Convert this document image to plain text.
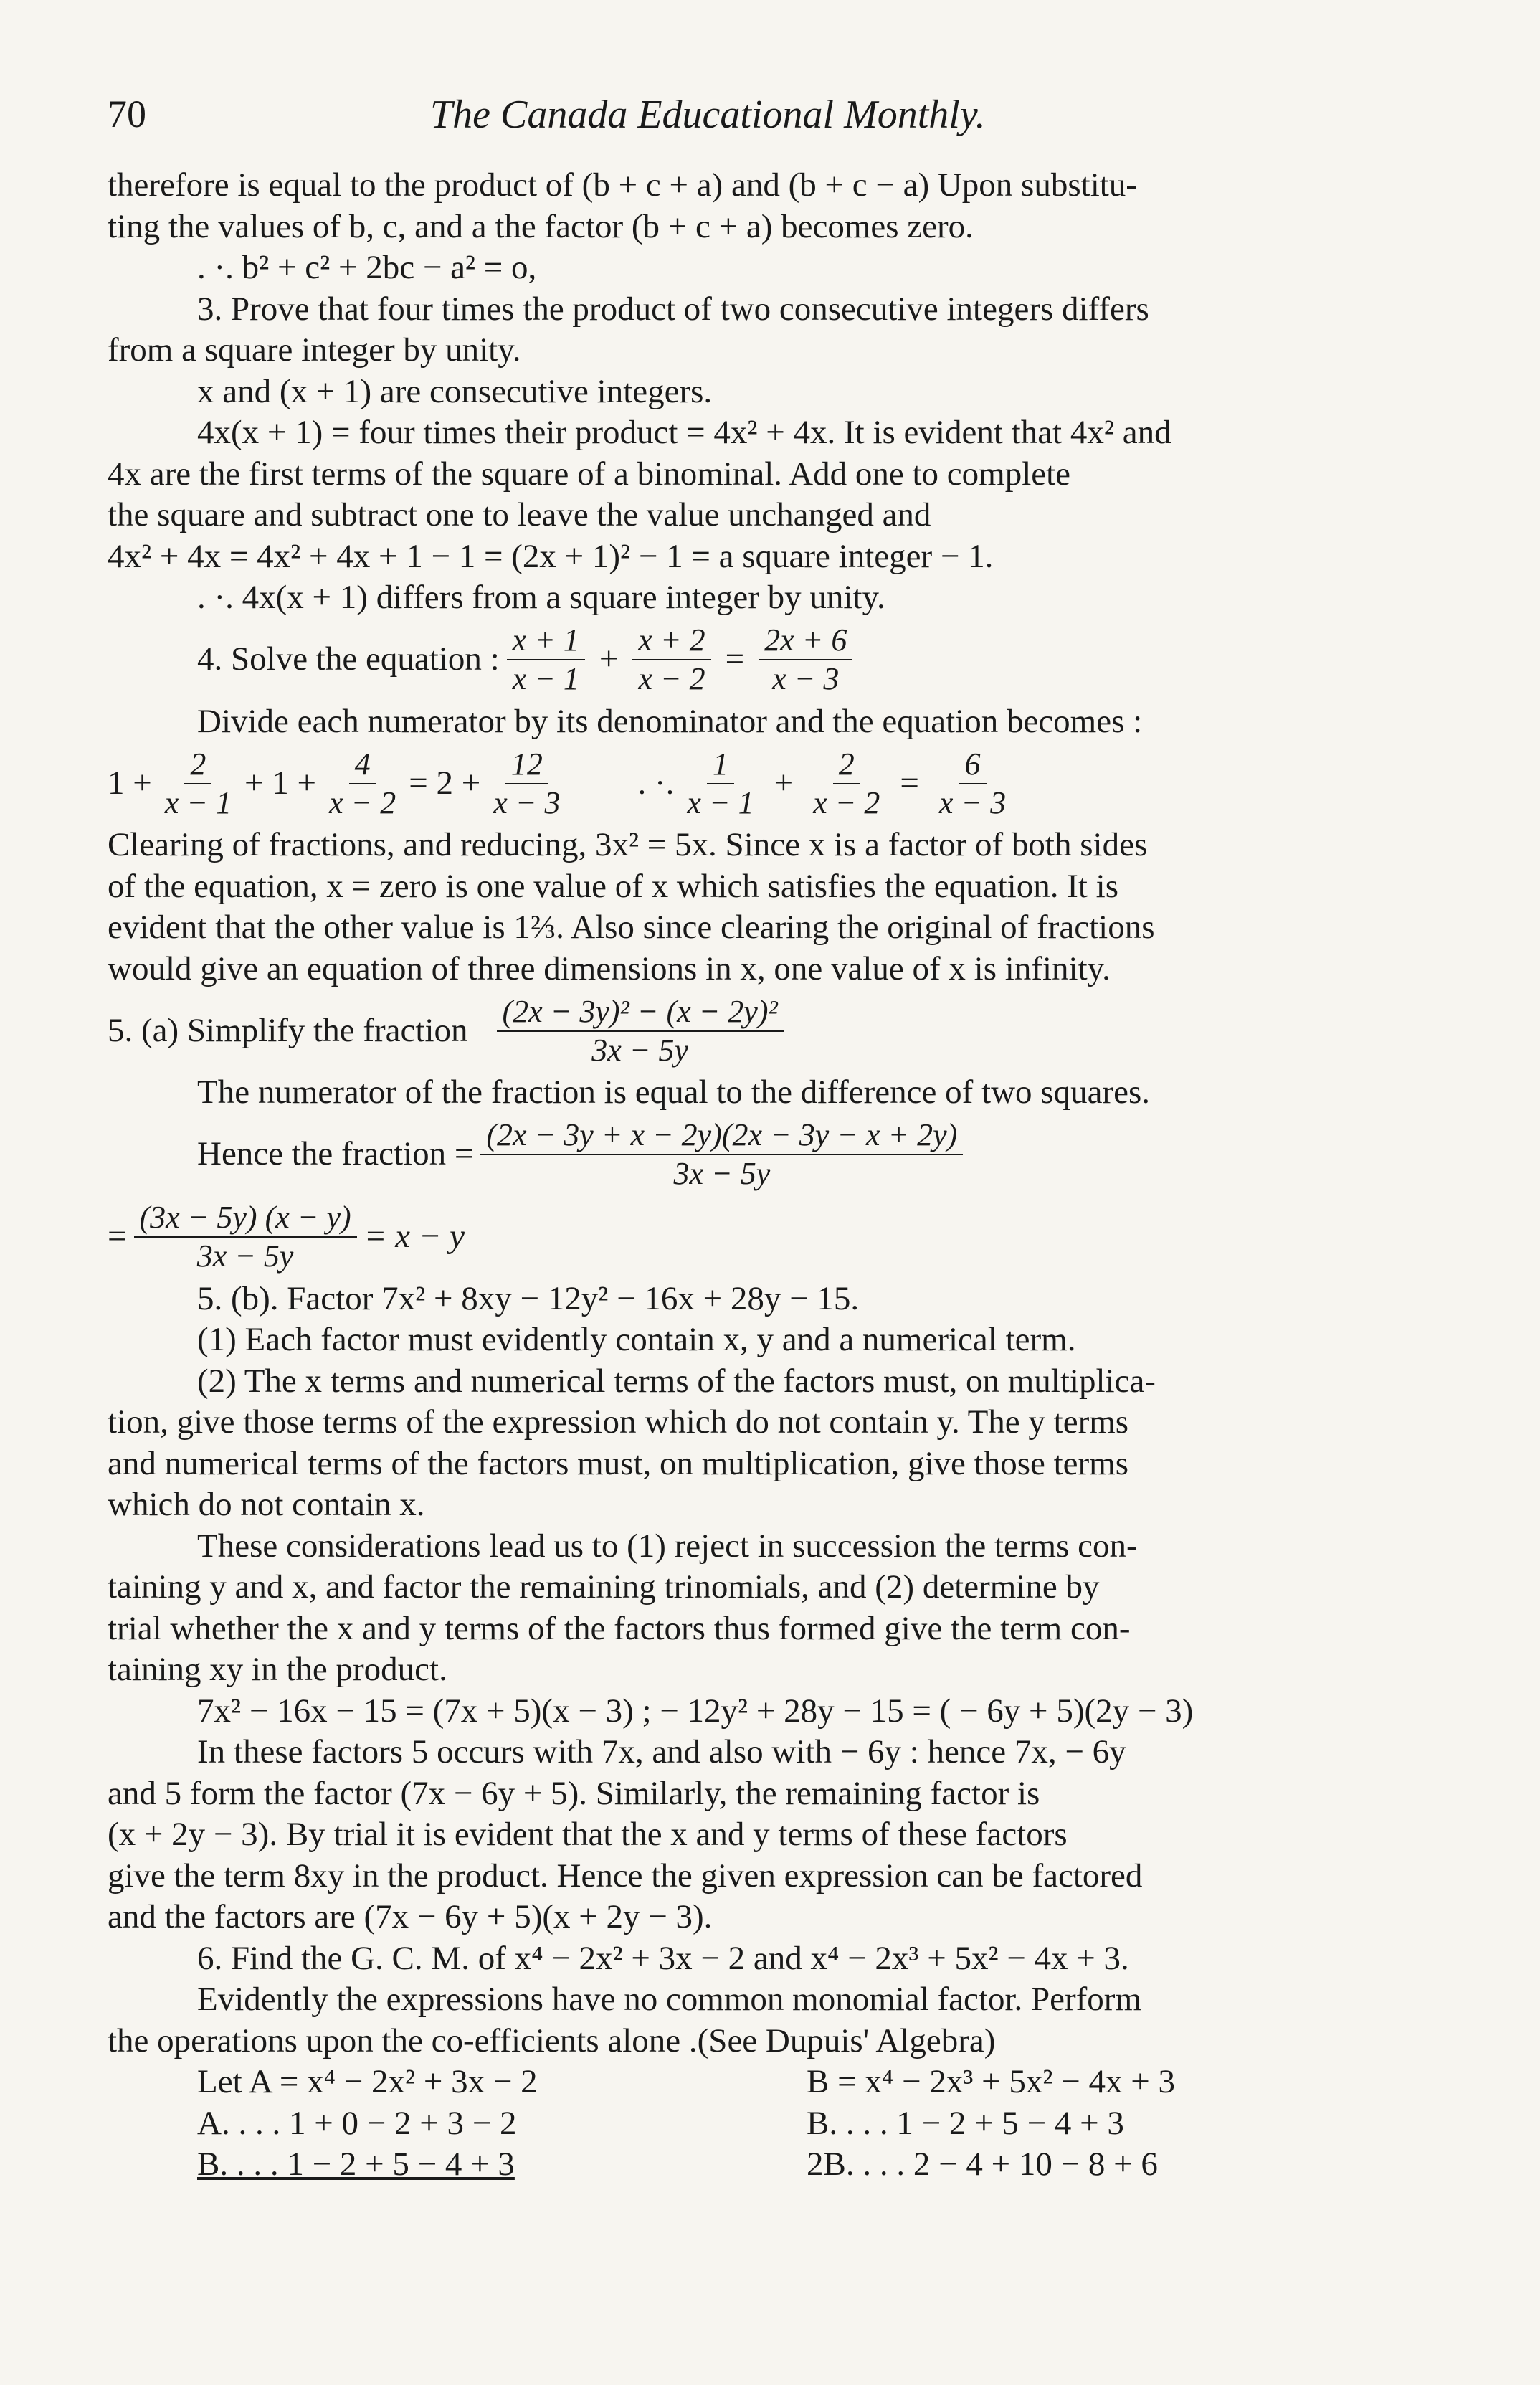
70	The Canada Educational Monthly.
therefore is equal to the product of (b + c + a) and (b + c − a) Upon substitu-
ting the values of b, c, and a the factor (b + c + a) becomes zero.
. ·. b² + c² + 2bc − a² = o,
3. Prove that four times the product of two consecutive integers differs
from a square integer by unity.
x and (x + 1) are consecutive integers.
4x(x + 1) = four times their product = 4x² + 4x. It is evident that 4x² and
4x are the first terms of the square of a binominal. Add one to complete
the square and subtract one to leave the value unchanged and
4x² + 4x = 4x² + 4x + 1 − 1 = (2x + 1)² − 1 = a square integer − 1.
. ·. 4x(x + 1) differs from a square integer by unity.
4. Solve the equation : $\frac{x + 1}{x - 1} + \frac{x + 2}{x - 2} = \frac{2x + 6}{x - 3}$
Divide each numerator by its denominator and the equation becomes :
$1 + \frac{2}{x - 1} + 1 + \frac{4}{x - 2} = 2 + \frac{12}{x - 3}$ . ·. $\frac{1}{x - 1} + \frac{2}{x - 2} = \frac{6}{x - 3}$
Clearing of fractions, and reducing, 3x² = 5x. Since x is a factor of both sides
of the equation, x = zero is one value of x which satisfies the equation. It is
evident that the other value is 1⅔. Also since clearing the original of fractions
would give an equation of three dimensions in x, one value of x is infinity.
5. (a) Simplify the fraction $\frac{\text{(2x − 3y)² − (x − 2y)²}}{3x - 5y}$
The numerator of the fraction is equal to the difference of two squares.
Hence the fraction = $\frac{(2x - 3y + x - 2y)(2x - 3y - x + 2y)}{3x - 5y}$
= $\frac{(3x - 5y) (x - y)}{3x - 5y} = x - y$
5. (b). Factor 7x² + 8xy − 12y² − 16x + 28y − 15.
(1) Each factor must evidently contain x, y and a numerical term.
(2) The x terms and numerical terms of the factors must, on multiplica-
tion, give those terms of the expression which do not contain y. The y terms
and numerical terms of the factors must, on multiplication, give those terms
which do not contain x.
These considerations lead us to (1) reject in succession the terms con-
taining y and x, and factor the remaining trinomials, and (2) determine by
trial whether the x and y terms of the factors thus formed give the term con-
taining xy in the product.
7x² − 16x − 15 = (7x + 5)(x − 3) ; − 12y² + 28y − 15 = ( − 6y + 5)(2y − 3)
In these factors 5 occurs with 7x, and also with − 6y : hence 7x, − 6y
and 5 form the factor (7x − 6y + 5). Similarly, the remaining factor is
(x + 2y − 3). By trial it is evident that the x and y terms of these factors
give the term 8xy in the product. Hence the given expression can be factored
and the factors are (7x − 6y + 5)(x + 2y − 3).
6. Find the G. C. M. of x⁴ − 2x² + 3x − 2 and x⁴ − 2x³ + 5x² − 4x + 3.
Evidently the expressions have no common monomial factor. Perform
the operations upon the co-efficients alone .(See Dupuis' Algebra)
Let A = x⁴ − 2x² + 3x − 2	B = x⁴ − 2x³ + 5x² − 4x + 3
A. . . . 1 + 0 − 2 + 3 − 2	B. . . . 1 − 2 + 5 − 4 + 3
B. . . . 1 − 2 + 5 − 4 + 3	2B. . . . 2 − 4 + 10 − 8 + 6
